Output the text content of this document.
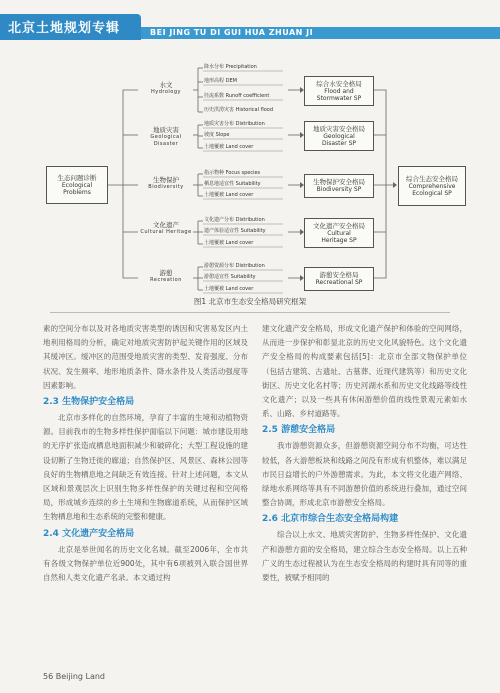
北京土地规划专辑	BEI JING TU DI GUI HUA ZHUAN JI
生态问题诊断
Ecological
Problems
水文
Hydrology
地质灾害
Geological Disaster
生物保护
Biodiversity
文化遗产
Cultural Heritage
游憩
Recreation
降水分布 Precipitation
地形高程 DEM
径流系数 Runoff coefficient
历史洪涝灾害 Historical flood
地质灾害分布 Distribution
坡度 Slope
土地覆被 Land cover
指示物种 Focus species
栖息地适宜性 Suitability
土地覆被 Land cover
文化遗产分布 Distribution
遗产体验适宜性 Suitability
土地覆被 Land cover
游憩资源分布 Distribution
游憩适宜性 Suitability
土地覆被 Land cover
综合水安全格局
Flood and
Stormwater SP
地质灾害安全格局
Geological
Disaster SP
生物保护安全格局
Biodiversity SP
文化遗产安全格局
Cultural
Heritage SP
游憩安全格局
Recreational SP
综合生态安全格局
Comprehensive
Ecological SP
图1 北京市生态安全格局研究框架

素的空间分布以及对各地质灾害类型的诱因和灾害易发区内土地利用格局的分析，确定对地质灾害防护起关键作用的区域及其缓冲区。缓冲区的范围受地质灾害的类型、发育强度、分布状况、发生频率、地形地质条件、降水条件及人类活动强度等因素影响。

2.3 生物保护安全格局

北京市多样化的自然环境，孕育了丰富的生境和动植物资源。目前我市的生物多样性保护面临以下问题：城市建设用地的无序扩张造成栖息地面积减少和破碎化；大型工程设施的建设切断了生物迁徙的廊道；自然保护区、风景区、森林公园等良好的生物栖息地之间缺乏有效连接。针对上述问题，本文从区域和景观层次上识别生物多样性保护的关键过程和空间格局，形成城乡连续的乡土生境和生物廊道系统，从而保护区域生物栖息地和生态系统的完整和健康。

2.4 文化遗产安全格局

北京是举世闻名的历史文化名城。截至2006年，全市共有各级文物保护单位近900处，其中有6项被列入联合国世界自然和人类文化遗产名录。本文通过构

建文化遗产安全格局，形成文化遗产保护和体验的空间网络，从而进一步保护和彰显北京的历史文化风貌特色。这个文化遗产安全格局的构成要素包括[5]：北京市全部文物保护单位（包括古建筑、古遗址、古墓葬、近现代建筑等）和历史文化街区、历史文化名村等；历史河湖水系和历史文化线路等线性文化遗产；以及一些具有休闲游憩价值的线性景观元素如水系、山路、乡村道路等。

2.5 游憩安全格局

我市游憩资源众多，但游憩资源空间分布不均衡，可达性较低，各大游憩板块和线路之间没有形成有机整体，难以满足市民日益增长的户外游憩需求。为此，本文将文化遗产网络、绿地水系网络等具有不同游憩价值的系统进行叠加，通过空间整合协调，形成北京市游憩安全格局。

2.6 北京市综合生态安全格局构建

综合以上水文、地质灾害防护、生物多样性保护、文化遗产和游憩方面的安全格局，建立综合生态安全格局。以上五种广义的生态过程被认为在生态安全格局的构建时具有同等的重要性，被赋予相同的

56 Beijing Land
